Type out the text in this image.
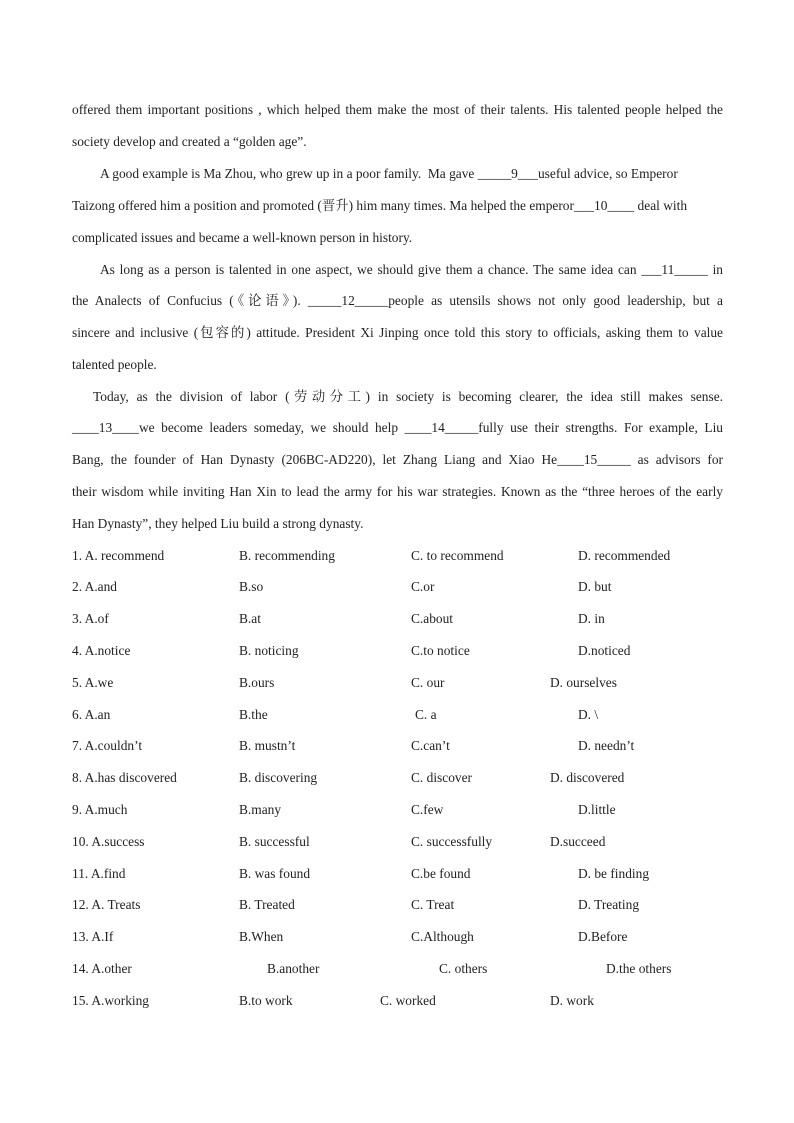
offered them important positions , which helped them make the most of their talents. His talented people helped the
society develop and created a “golden age”.
A good example is Ma Zhou, who grew up in a poor family.  Ma gave _____9___useful advice, so Emperor
Taizong offered him a position and promoted (晋升) him many times. Ma helped the emperor___10____ deal with
complicated issues and became a well-known person in history.
As long as a person is talented in one aspect, we should give them a chance. The same idea can ___11_____ in
the Analects of Confucius (《论语》). _____12_____people as utensils shows not only good leadership, but a
sincere and inclusive (包容的) attitude. President Xi Jinping once told this story to officials, asking them to value
talented people.
Today, as the division of labor (劳动分工) in society is becoming clearer, the idea still makes sense.
____13____we become leaders someday, we should help ____14_____fully use their strengths. For example, Liu
Bang, the founder of Han Dynasty (206BC-AD220), let Zhang Liang and Xiao He____15_____ as advisors for
their wisdom while inviting Han Xin to lead the army for his war strategies. Known as the “three heroes of the early
Han Dynasty”, they helped Liu build a strong dynasty.
1. A. recommend	B. recommending	C. to recommend	D. recommended
2. A.and	B.so	C.or	D. but
3. A.of	B.at	C.about	D. in
4. A.notice	B. noticing	C.to notice	D.noticed
5. A.we	B.ours	C. our	D. ourselves
6. A.an	B.the	C. a	D. \
7. A.couldn’t	B. mustn’t	C.can’t	D. needn’t
8. A.has discovered	B. discovering	C. discover	D. discovered
9. A.much	B.many	C.few	D.little
10. A.success	B. successful	C. successfully	D.succeed
11. A.find	B. was found	C.be found	D. be finding
12. A. Treats	B. Treated	C. Treat	D. Treating
13. A.If	B.When	C.Although	D.Before
14. A.other	B.another	C. others	D.the others
15. A.working	B.to work	C. worked	D. work
